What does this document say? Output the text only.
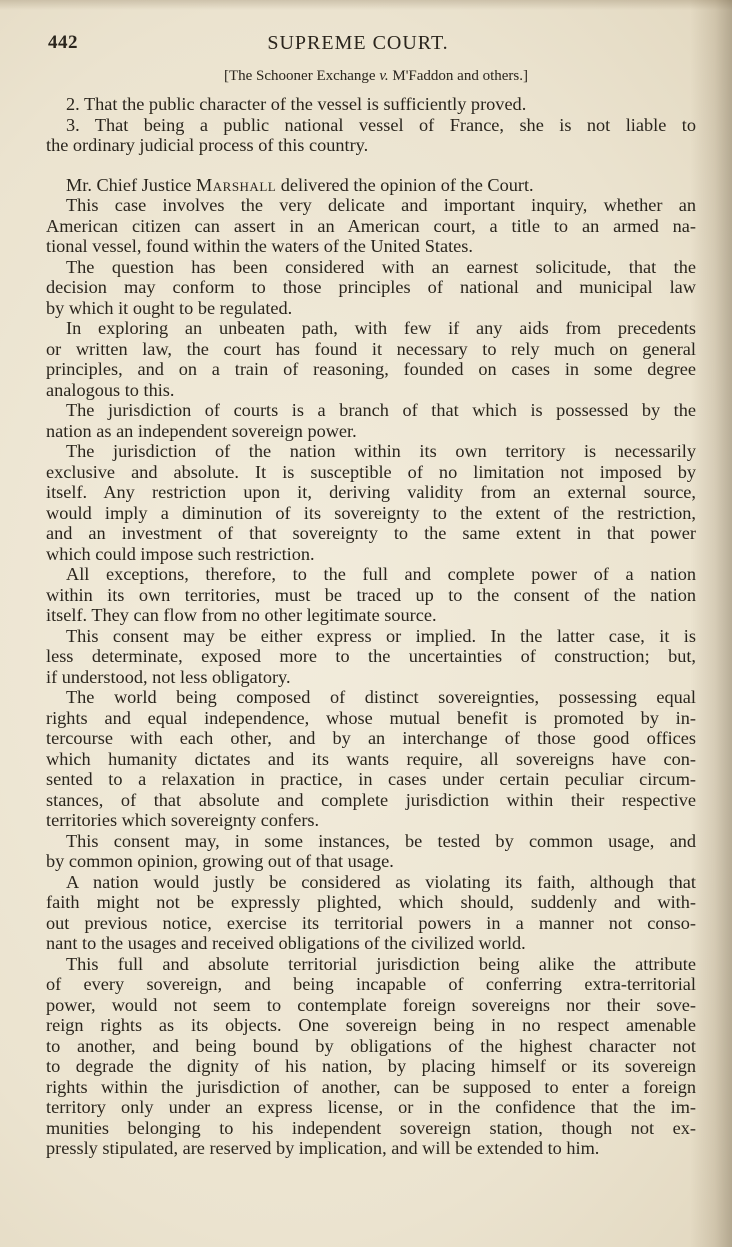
442	SUPREME COURT.
[The Schooner Exchange v. M'Faddon and others.]
2. That the public character of the vessel is sufficiently proved.
3. That being a public national vessel of France, she is not liable to
the ordinary judicial process of this country.
Mr. Chief Justice Marshall delivered the opinion of the Court.
This case involves the very delicate and important inquiry, whether an
American citizen can assert in an American court, a title to an armed na-
tional vessel, found within the waters of the United States.
The question has been considered with an earnest solicitude, that the
decision may conform to those principles of national and municipal law
by which it ought to be regulated.
In exploring an unbeaten path, with few if any aids from precedents
or written law, the court has found it necessary to rely much on general
principles, and on a train of reasoning, founded on cases in some degree
analogous to this.
The jurisdiction of courts is a branch of that which is possessed by the
nation as an independent sovereign power.
The jurisdiction of the nation within its own territory is necessarily
exclusive and absolute. It is susceptible of no limitation not imposed by
itself. Any restriction upon it, deriving validity from an external source,
would imply a diminution of its sovereignty to the extent of the restriction,
and an investment of that sovereignty to the same extent in that power
which could impose such restriction.
All exceptions, therefore, to the full and complete power of a nation
within its own territories, must be traced up to the consent of the nation
itself. They can flow from no other legitimate source.
This consent may be either express or implied. In the latter case, it is
less determinate, exposed more to the uncertainties of construction; but,
if understood, not less obligatory.
The world being composed of distinct sovereignties, possessing equal
rights and equal independence, whose mutual benefit is promoted by in-
tercourse with each other, and by an interchange of those good offices
which humanity dictates and its wants require, all sovereigns have con-
sented to a relaxation in practice, in cases under certain peculiar circum-
stances, of that absolute and complete jurisdiction within their respective
territories which sovereignty confers.
This consent may, in some instances, be tested by common usage, and
by common opinion, growing out of that usage.
A nation would justly be considered as violating its faith, although that
faith might not be expressly plighted, which should, suddenly and with-
out previous notice, exercise its territorial powers in a manner not conso-
nant to the usages and received obligations of the civilized world.
This full and absolute territorial jurisdiction being alike the attribute
of every sovereign, and being incapable of conferring extra-territorial
power, would not seem to contemplate foreign sovereigns nor their sove-
reign rights as its objects. One sovereign being in no respect amenable
to another, and being bound by obligations of the highest character not
to degrade the dignity of his nation, by placing himself or its sovereign
rights within the jurisdiction of another, can be supposed to enter a foreign
territory only under an express license, or in the confidence that the im-
munities belonging to his independent sovereign station, though not ex-
pressly stipulated, are reserved by implication, and will be extended to him.
